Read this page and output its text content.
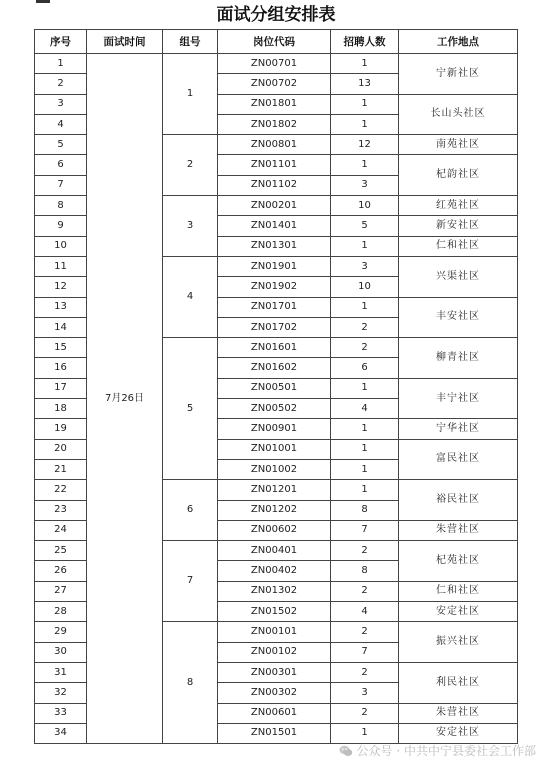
面试分组安排表
序号	面试时间	组号	岗位代码	招聘人数	工作地点
1	7月26日	1	ZN00701	1	宁新社区
2			ZN00702	13	
3			ZN01801	1	长山头社区
4			ZN01802	1	
5		2	ZN00801	12	南苑社区
6			ZN01101	1	杞韵社区
7			ZN01102	3	
8		3	ZN00201	10	红苑社区
9			ZN01401	5	新安社区
10			ZN01301	1	仁和社区
11		4	ZN01901	3	兴渠社区
12			ZN01902	10	
13			ZN01701	1	丰安社区
14			ZN01702	2	
15		5	ZN01601	2	柳青社区
16			ZN01602	6	
17			ZN00501	1	丰宁社区
18			ZN00502	4	
19			ZN00901	1	宁华社区
20			ZN01001	1	富民社区
21			ZN01002	1	
22		6	ZN01201	1	裕民社区
23			ZN01202	8	
24			ZN00602	7	朱营社区
25		7	ZN00401	2	杞苑社区
26			ZN00402	8	
27			ZN01302	2	仁和社区
28			ZN01502	4	安定社区
29		8	ZN00101	2	振兴社区
30			ZN00102	7	
31			ZN00301	2	利民社区
32			ZN00302	3	
33			ZN00601	2	朱营社区
34			ZN01501	1	安定社区
公众号 · 中共中宁县委社会工作部
